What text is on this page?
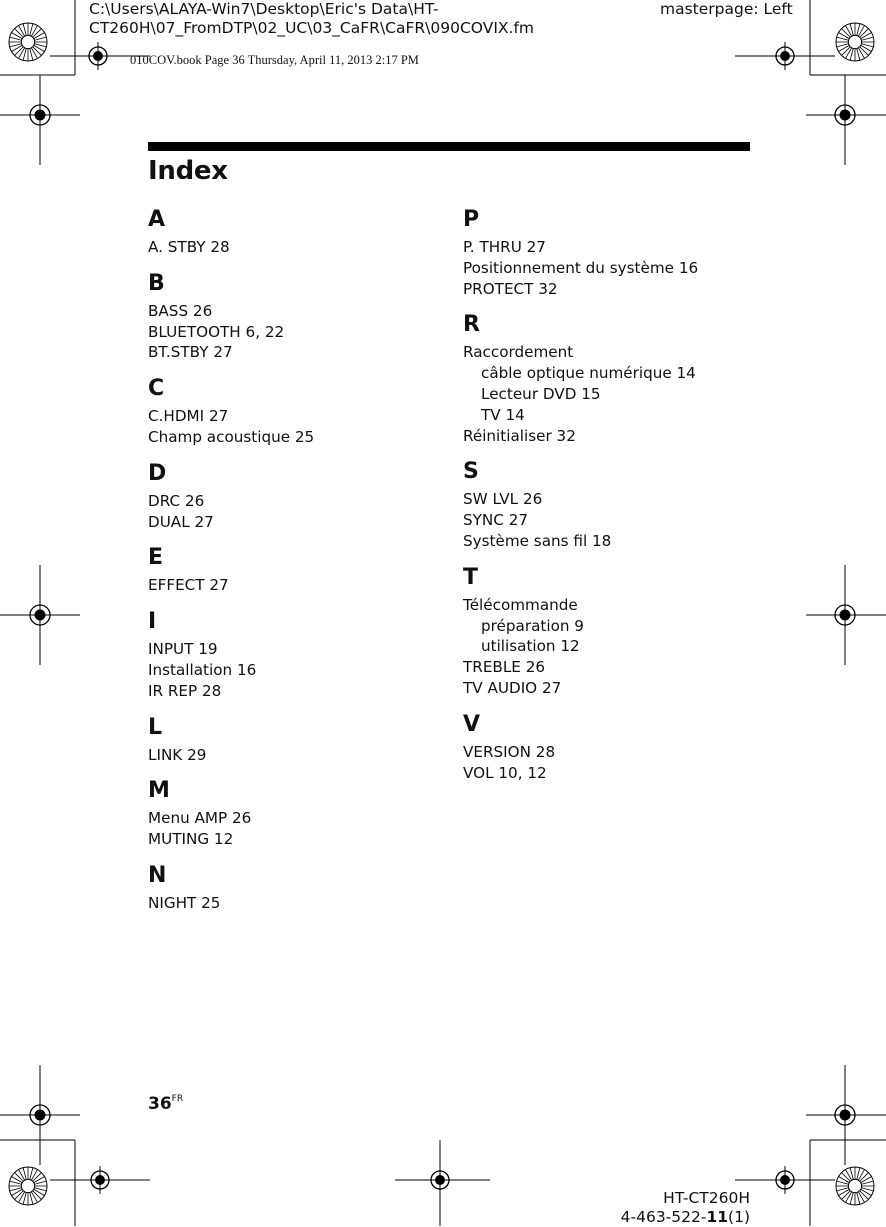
C:\Users\ALAYA-Win7\Desktop\Eric's Data\HT-
CT260H\07_FromDTP\02_UC\03_CaFR\CaFR\090COVIX.fm
masterpage: Left
010COV.book Page 36 Thursday, April 11, 2013 2:17 PM
Index
A
A. STBY 28
B
BASS 26
BLUETOOTH 6, 22
BT.STBY 27
C
C.HDMI 27
Champ acoustique 25
D
DRC 26
DUAL 27
E
EFFECT 27
I
INPUT 19
Installation 16
IR REP 28
L
LINK 29
M
Menu AMP 26
MUTING 12
N
NIGHT 25
P
P. THRU 27
Positionnement du système 16
PROTECT 32
R
Raccordement
câble optique numérique 14
Lecteur DVD 15
TV 14
Réinitialiser 32
S
SW LVL 26
SYNC 27
Système sans fil 18
T
Télécommande
préparation 9
utilisation 12
TREBLE 26
TV AUDIO 27
V
VERSION 28
VOL 10, 12
$36^{FR}$
HT-CT260H
4-463-522-11(1)
